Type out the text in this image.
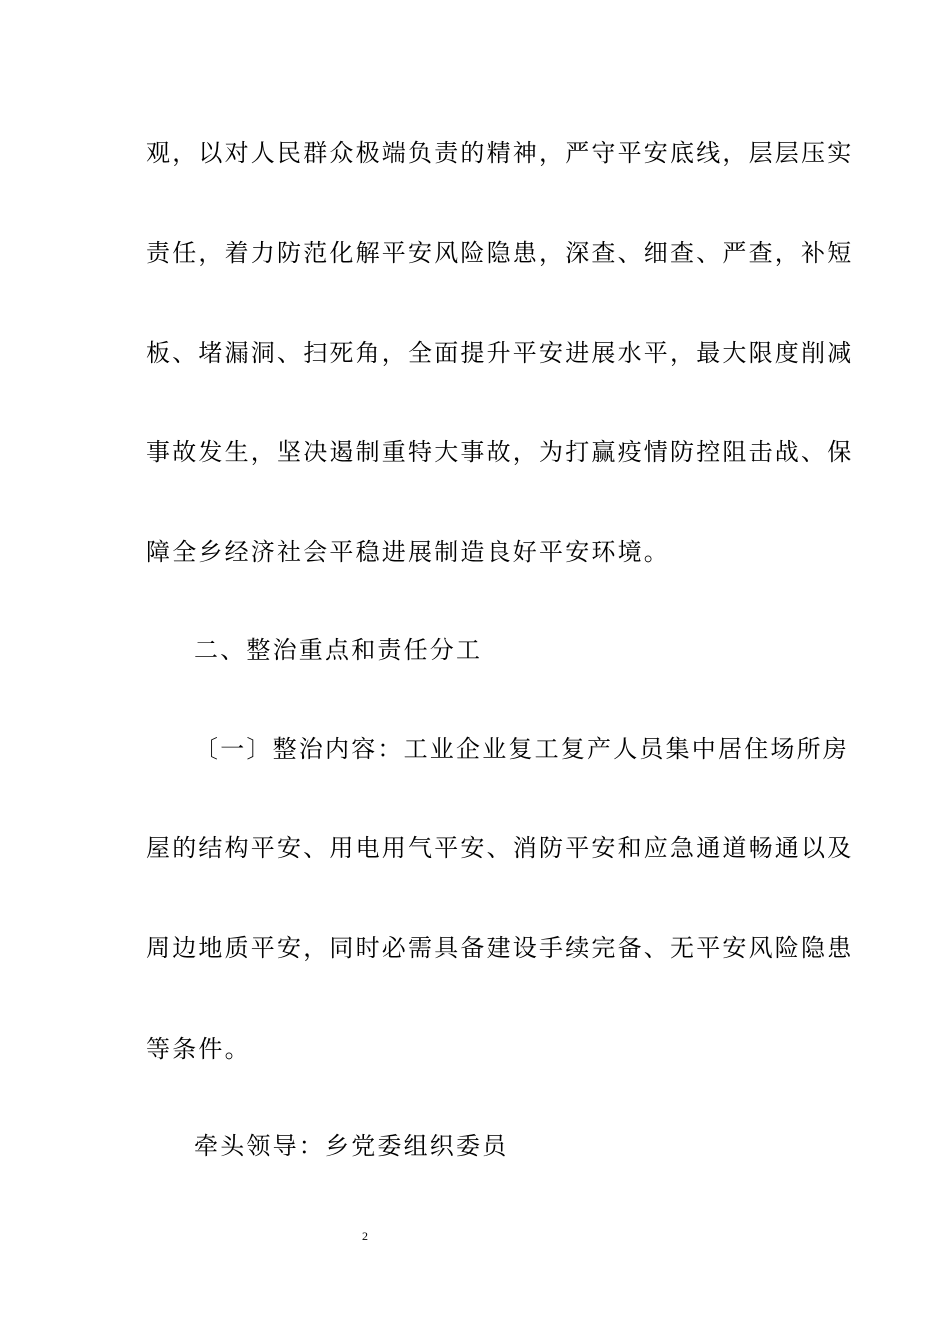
观，以对人民群众极端负责的精神，严守平安底线，层层压实
责任，着力防范化解平安风险隐患，深查、细查、严查，补短
板、堵漏洞、扫死角，全面提升平安进展水平，最大限度削减
事故发生，坚决遏制重特大事故，为打赢疫情防控阻击战、保
障全乡经济社会平稳进展制造良好平安环境。
二、整治重点和责任分工
〔一〕整治内容：工业企业复工复产人员集中居住场所房
屋的结构平安、用电用气平安、消防平安和应急通道畅通以及
周边地质平安，同时必需具备建设手续完备、无平安风险隐患
等条件。
牵头领导：乡党委组织委员
2
